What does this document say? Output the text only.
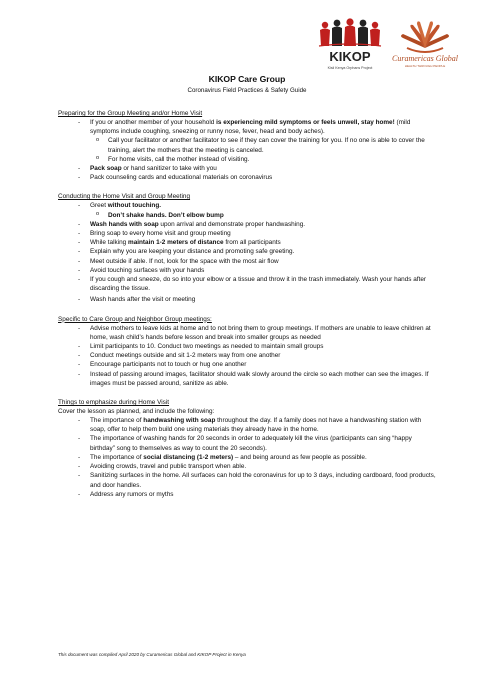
KIKOP
Kisii Kenya Orphans Project
Curamericas Global
HEALTH THROUGH PEOPLE

KIKOP Care Group

Coronavirus Field Practices & Safety Guide

Preparing for the Group Meeting and/or Home Visit

- If you or another member of your household is experiencing mild symptoms or feels unwell, stay home! (mild symptoms include coughing, sneezing or runny nose, fever, head and body aches).
o Call your facilitator or another facilitator to see if they can cover the training for you. If no one is able to cover the training, alert the mothers that the meeting is canceled.
o For home visits, call the mother instead of visiting.
- Pack soap or hand sanitizer to take with you
- Pack counseling cards and educational materials on coronavirus

Conducting the Home Visit and Group Meeting

- Greet without touching.
o Don’t shake hands. Don’t elbow bump
- Wash hands with soap upon arrival and demonstrate proper handwashing.
- Bring soap to every home visit and group meeting
- While talking maintain 1-2 meters of distance from all participants
- Explain why you are keeping your distance and promoting safe greeting.
- Meet outside if able. If not, look for the space with the most air flow
- Avoid touching surfaces with your hands
- If you cough and sneeze, do so into your elbow or a tissue and throw it in the trash immediately. Wash your hands after discarding the tissue.
- Wash hands after the visit or meeting

Specific to Care Group and Neighbor Group meetings:

- Advise mothers to leave kids at home and to not bring them to group meetings. If mothers are unable to leave children at home, wash child’s hands before lesson and break into smaller groups as needed
- Limit participants to 10. Conduct two meetings as needed to maintain small groups
- Conduct meetings outside and sit 1-2 meters way from one another
- Encourage participants not to touch or hug one another
- Instead of passing around images, facilitator should walk slowly around the circle so each mother can see the images. If images must be passed around, sanitize as able.

Things to emphasize during Home Visit

Cover the lesson as planned, and include the following:

- The importance of handwashing with soap throughout the day. If a family does not have a handwashing station with soap, offer to help them build one using materials they already have in the home.
- The importance of washing hands for 20 seconds in order to adequately kill the virus (participants can sing “happy birthday” song to themselves as way to count the 20 seconds).
- The importance of social distancing (1-2 meters) – and being around as few people as possible.
- Avoiding crowds, travel and public transport when able.
- Sanitizing surfaces in the home. All surfaces can hold the coronavirus for up to 3 days, including cardboard, food products, and door handles.
- Address any rumors or myths
This document was compiled April 2020 by Curamericas Global and KIKOP Project in Kenya
